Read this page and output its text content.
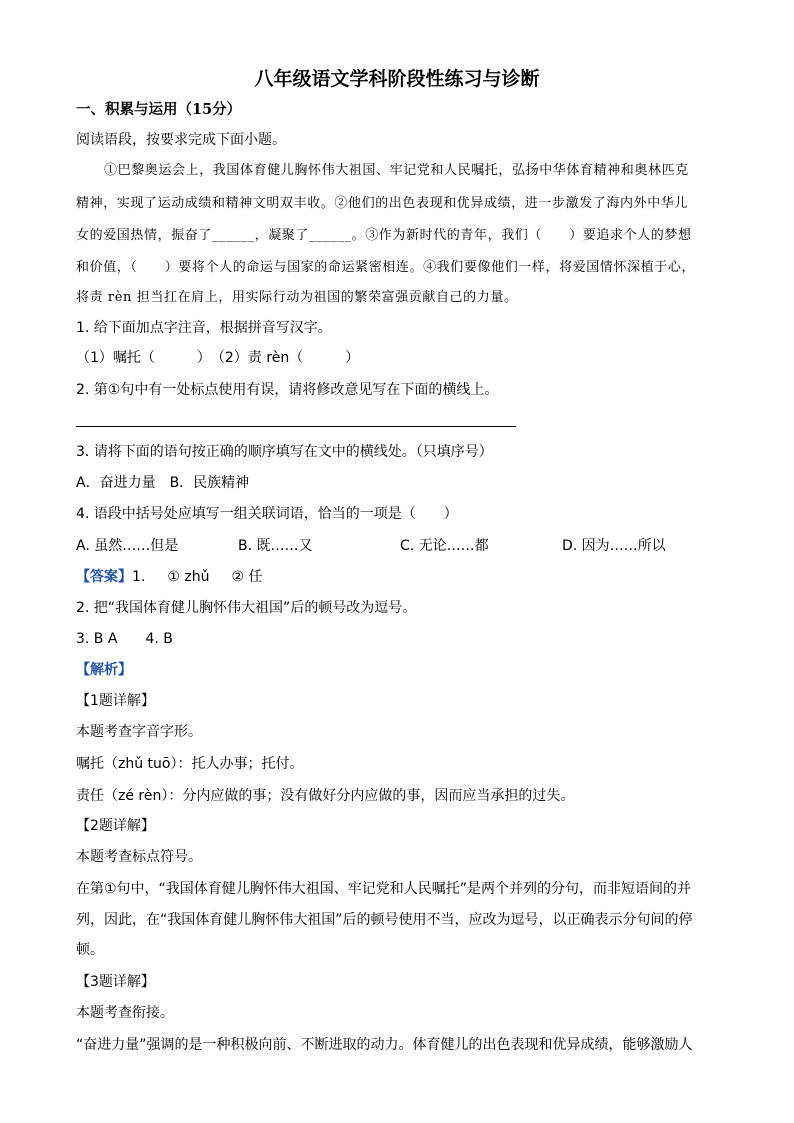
八年级语文学科阶段性练习与诊断
一、积累与运用（15分）
阅读语段，按要求完成下面小题。
①巴黎奥运会上，我国体育健儿胸怀伟大祖国、牢记党和人民嘱托，弘扬中华体育精神和奥林匹克
精神，实现了运动成绩和精神文明双丰收。②他们的出色表现和优异成绩，进一步激发了海内外中华儿
女的爱国热情，振奋了______，凝聚了______。③作为新时代的青年，我们（　　）要追求个人的梦想
和价值，（　　）要将个人的命运与国家的命运紧密相连。④我们要像他们一样，将爱国情怀深植于心，
将责 rèn 担当扛在肩上，用实际行动为祖国的繁荣富强贡献自己的力量。
1. 给下面加点字注音，根据拼音写汉字。
（1）嘱托（　　　）　（2）责 rèn（　　　）
2. 第①句中有一处标点使用有误，请将修改意见写在下面的横线上。
3. 请将下面的语句按正确的顺序填写在文中的横线处。（只填序号）
A．奋进力量　B．民族精神
4. 语段中括号处应填写一组关联词语，恰当的一项是（　　）
A. 虽然……但是	B. 既……又	C. 无论……都	D. 因为……所以
【答案】1. ① zhǔ ② 任
2. 把“我国体育健儿胸怀伟大祖国”后的顿号改为逗号。
3. B A　　4. B
【解析】
【1题详解】
本题考查字音字形。
嘱托（zhǔ tuō）：托人办事；托付。
责任（zé rèn）：分内应做的事；没有做好分内应做的事，因而应当承担的过失。
【2题详解】
本题考查标点符号。
在第①句中，“我国体育健儿胸怀伟大祖国、牢记党和人民嘱托”是两个并列的分句，而非短语间的并
列，因此，在“我国体育健儿胸怀伟大祖国”后的顿号使用不当，应改为逗号，以正确表示分句间的停
顿。
【3题详解】
本题考查衔接。
“奋进力量”强调的是一种积极向前、不断进取的动力。体育健儿的出色表现和优异成绩，能够激励人
